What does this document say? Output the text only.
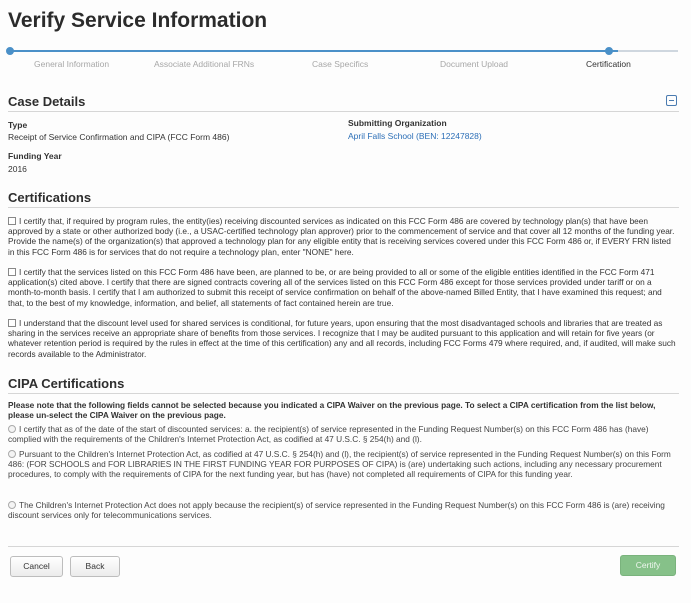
Verify Service Information
General Information	Associate Additional FRNs	Case Specifics	Document Upload	Certification
Case Details
Type
Receipt of Service Confirmation and CIPA (FCC Form 486)
Funding Year
2016
Submitting Organization
April Falls School (BEN: 12247828)
Certifications
I certify that, if required by program rules, the entity(ies) receiving discounted services as indicated on this FCC Form 486 are covered by technology plan(s) that have been approved by a state or other authorized body (i.e., a USAC-certified technology plan approver) prior to the commencement of service and that cover all 12 months of the funding year. Provide the name(s) of the organization(s) that approved a technology plan for any eligible entity that is receiving services covered under this FCC Form 486 or, if EVERY FRN listed in this FCC Form 486 is for services that do not require a technology plan, enter "NONE" here.
I certify that the services listed on this FCC Form 486 have been, are planned to be, or are being provided to all or some of the eligible entities identified in the FCC Form 471 application(s) cited above. I certify that there are signed contracts covering all of the services listed on this FCC Form 486 except for those services provided under tariff or on a month-to-month basis. I certify that I am authorized to submit this receipt of service confirmation on behalf of the above-named Billed Entity, that I have examined this request; and that, to the best of my knowledge, information, and belief, all statements of fact contained herein are true.
I understand that the discount level used for shared services is conditional, for future years, upon ensuring that the most disadvantaged schools and libraries that are treated as sharing in the services receive an appropriate share of benefits from those services. I recognize that I may be audited pursuant to this application and will retain for five years (or whatever retention period is required by the rules in effect at the time of this certification) any and all records, including FCC Forms 479 where required, and, if audited, will make such records available to the Administrator.
CIPA Certifications
Please note that the following fields cannot be selected because you indicated a CIPA Waiver on the previous page. To select a CIPA certification from the list below, please un-select the CIPA Waiver on the previous page.
I certify that as of the date of the start of discounted services: a. the recipient(s) of service represented in the Funding Request Number(s) on this FCC Form 486 has (have) complied with the requirements of the Children's Internet Protection Act, as codified at 47 U.S.C. § 254(h) and (l).
Pursuant to the Children's Internet Protection Act, as codified at 47 U.S.C. § 254(h) and (l), the recipient(s) of service represented in the Funding Request Number(s) on this Form 486: (FOR SCHOOLS and FOR LIBRARIES IN THE FIRST FUNDING YEAR FOR PURPOSES OF CIPA) is (are) undertaking such actions, including any necessary procurement procedures, to comply with the requirements of CIPA for the next funding year, but has (have) not completed all requirements of CIPA for this funding year.
The Children's Internet Protection Act does not apply because the recipient(s) of service represented in the Funding Request Number(s) on this FCC Form 486 is (are) receiving discount services only for telecommunications services.
Cancel	Back	Certify
